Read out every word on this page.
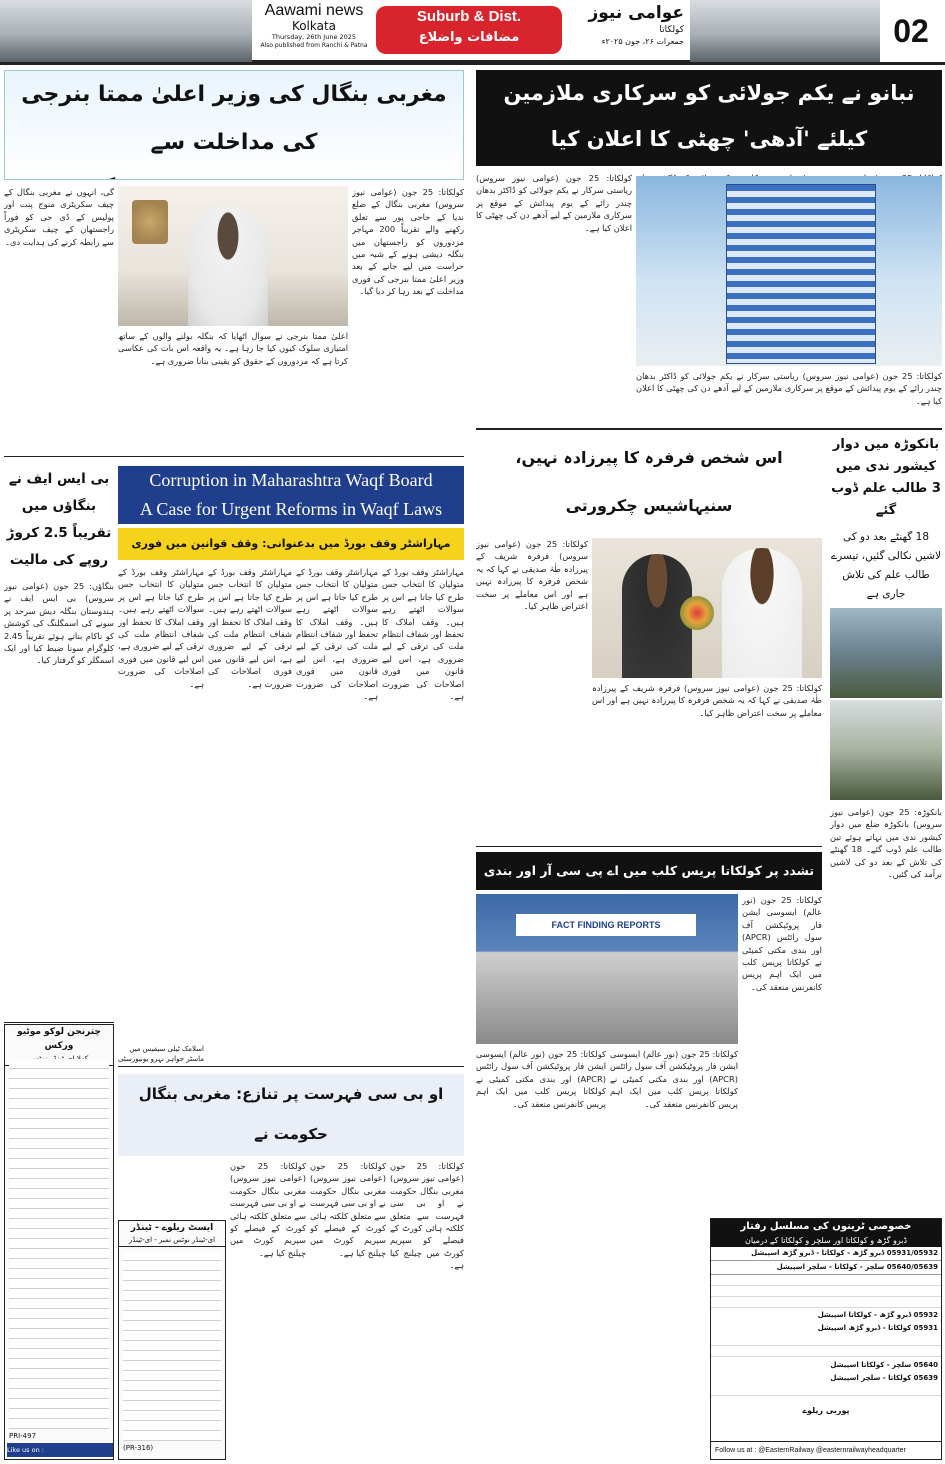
Aawami news
Kolkata
Thursday, 26th June 2025
Also published from Ranchi & Patna
Suburb & Dist.
مضافات واضلاع
عوامی نیوز
کولکاتا
جمعرات ۲۶، جون ۲۰۲۵ء	02
مغربی بنگال کی وزیر اعلیٰ ممتا بنرجی کی مداخلت سے
کولکاتا: 25 جون (عوامی نیوز سروس) مغربی بنگال کے ضلع ندیا کے حاجی پور سے تعلق رکھنے والے تقریباً 200 مہاجر مزدوروں کو راجستھان میں بنگلہ دیشی ہونے کے شبہ میں حراست میں لیے جانے کے بعد وزیر اعلیٰ ممتا بنرجی کی فوری مداخلت کے بعد رہا کر دیا گیا۔
اعلیٰ ممتا بنرجی نے سوال اٹھایا کہ بنگلہ بولنے والوں کے ساتھ امتیازی سلوک کیوں کیا جا رہا ہے۔ یہ واقعہ اس بات کی عکاسی کرتا ہے کہ مزدوروں کے حقوق کو یقینی بنانا ضروری ہے۔
گی، انہوں نے مغربی بنگال کے چیف سکریٹری منوج پنت اور پولیس کے ڈی جی کو فوراً راجستھان کے چیف سکریٹری سے رابطہ کرنے کی ہدایت دی۔
نبانو نے یکم جولائی کو سرکاری ملازمین
کیلئے 'آدھی' چھٹی کا اعلان کیا
کولکاتا: 25 جون (عوامی نیوز سروس) ریاستی سرکار نے یکم جولائی کو ڈاکٹر بدھان چندر رائے کے یوم پیدائش کے موقع پر سرکاری ملازمین کے لیے آدھے دن کی چھٹی کا اعلان کیا ہے۔
کولکاتا: 25 جون (عوامی نیوز سروس) ریاستی سرکار نے یکم جولائی کو ڈاکٹر بدھان چندر رائے کے یوم پیدائش کے موقع پر سرکاری ملازمین کے لیے آدھے دن کی چھٹی کا اعلان کیا ہے۔
بی ایس ایف نے بنگاؤں میں تقریباً 2.5 کروڑ روپے کی مالیت
بنگاؤں: 25 جون (عوامی نیوز سروس) بی ایس ایف نے ہندوستان بنگلہ دیش سرحد پر سونے کی اسمگلنگ کی کوشش کو ناکام بناتے ہوئے تقریباً 2.45 کلوگرام سونا ضبط کیا اور ایک اسمگلر کو گرفتار کیا۔
Corruption in Maharashtra Waqf Board
A Case for Urgent Reforms in Waqf Laws
مہاراشٹر وقف بورڈ میں بدعنوانی: وقف قوانین میں فوری
مہاراشٹر وقف بورڈ کے متولیان کا انتخاب جس طرح کیا جاتا ہے اس پر سوالات اٹھتے رہے ہیں۔ وقف املاک کا تحفظ اور شفاف انتظام ملت کی ترقی کے لیے ضروری ہے، اس لیے قانون میں فوری اصلاحات کی ضرورت ہے۔
مہاراشٹر وقف بورڈ کے متولیان کا انتخاب جس طرح کیا جاتا ہے اس پر سوالات اٹھتے رہے ہیں۔ وقف املاک کا تحفظ اور شفاف انتظام ملت کی ترقی کے لیے ضروری ہے، اس لیے قانون میں فوری اصلاحات کی ضرورت ہے۔
مہاراشٹر وقف بورڈ کے متولیان کا انتخاب جس طرح کیا جاتا ہے اس پر سوالات اٹھتے رہے ہیں۔ وقف املاک کا تحفظ اور شفاف انتظام ملت کی ترقی کے لیے ضروری ہے، اس لیے قانون میں فوری اصلاحات کی ضرورت ہے۔
مہاراشٹر وقف بورڈ کے متولیان کا انتخاب جس طرح کیا جاتا ہے اس پر سوالات اٹھتے رہے ہیں۔ وقف املاک کا تحفظ اور شفاف انتظام ملت کی ترقی کے لیے ضروری ہے، اس لیے قانون میں فوری اصلاحات کی ضرورت ہے۔
اسلامک ٹیلی سیفیس میں ماسٹر جواہر نہرو یونیورسٹی
اس شخص فرفرہ کا پیرزادہ نہیں، سنیہاشیس چکرورتی
کولکاتا: 25 جون (عوامی نیوز سروس) فرفرہ شریف کے پیرزادہ طٰہٰ صدیقی نے کہا کہ یہ شخص فرفرہ کا پیرزادہ نہیں ہے اور اس معاملے پر سخت اعتراض ظاہر کیا۔
کولکاتا: 25 جون (عوامی نیوز سروس) فرفرہ شریف کے پیرزادہ طٰہٰ صدیقی نے کہا کہ یہ شخص فرفرہ کا پیرزادہ نہیں ہے اور اس معاملے پر سخت اعتراض ظاہر کیا۔
بانکوڑہ میں دوار کیشور ندی میں 3 طالب علم ڈوب گئے
18 گھنٹے بعد دو کی لاشیں نکالی گئیں، تیسرے طالب علم کی تلاش جاری ہے
بانکوڑہ: 25 جون (عوامی نیوز سروس) بانکوڑہ ضلع میں دوار کیشور ندی میں نہاتے ہوئے تین طالب علم ڈوب گئے۔ 18 گھنٹے کی تلاش کے بعد دو کی لاشیں برآمد کی گئیں۔
تشدد پر کولکاتا پریس کلب میں اے پی سی آر اور بندی
FACT FINDING REPORTS
کولکاتا: 25 جون (نور عالم) ایسوسی ایشن فار پروٹیکشن آف سول رائٹس (APCR) اور بندی مکتی کمیٹی نے کولکاتا پریس کلب میں ایک اہم پریس کانفرنس منعقد کی۔
کولکاتا: 25 جون (نور عالم) ایسوسی ایشن فار پروٹیکشن آف سول رائٹس (APCR) اور بندی مکتی کمیٹی نے کولکاتا پریس کلب میں ایک اہم پریس کانفرنس منعقد کی۔
کولکاتا: 25 جون (نور عالم) ایسوسی ایشن فار پروٹیکشن آف سول رائٹس (APCR) اور بندی مکتی کمیٹی نے کولکاتا پریس کلب میں ایک اہم پریس کانفرنس منعقد کی۔
او بی سی فہرست پر تنازع: مغربی بنگال حکومت نے
کولکاتا: 25 جون (عوامی نیوز سروس) مغربی بنگال حکومت نے او بی سی فہرست سے متعلق کلکتہ ہائی کورٹ کے فیصلے کو سپریم کورٹ میں چیلنج کیا ہے۔
کولکاتا: 25 جون (عوامی نیوز سروس) مغربی بنگال حکومت نے او بی سی فہرست سے متعلق کلکتہ ہائی کورٹ کے فیصلے کو سپریم کورٹ میں چیلنج کیا ہے۔
کولکاتا: 25 جون (عوامی نیوز سروس) مغربی بنگال حکومت نے او بی سی فہرست سے متعلق کلکتہ ہائی کورٹ کے فیصلے کو سپریم کورٹ میں چیلنج کیا ہے۔
چترنجن لوکو موٹیو ورکس
PRI-497
Like us on :
ایسٹ ریلوے - ٹینڈر
ای-ٹینڈر نوٹس نمبر - ای-ٹینڈر
(PR-316)
خصوصی ٹرینوں کی مسلسل رفتار
ڈبرو گڑھ و کولکاتا اور سلچر و کولکاتا کے درمیان
05931/05932 ڈبرو گڑھ - کولکاتا - ڈبرو گڑھ اسپیشل
05640/05639 سلچر - کولکاتا - سلچر اسپیشل
05932 ڈبرو گڑھ - کولکاتا اسپیشل
05931 کولکاتا - ڈبرو گڑھ اسپیشل
05640 سلچر - کولکاتا اسپیشل
05639 کولکاتا - سلچر اسپیشل
پوربی ریلوے
Follow us at : @EasternRailway @easternrailwayheadquarter
